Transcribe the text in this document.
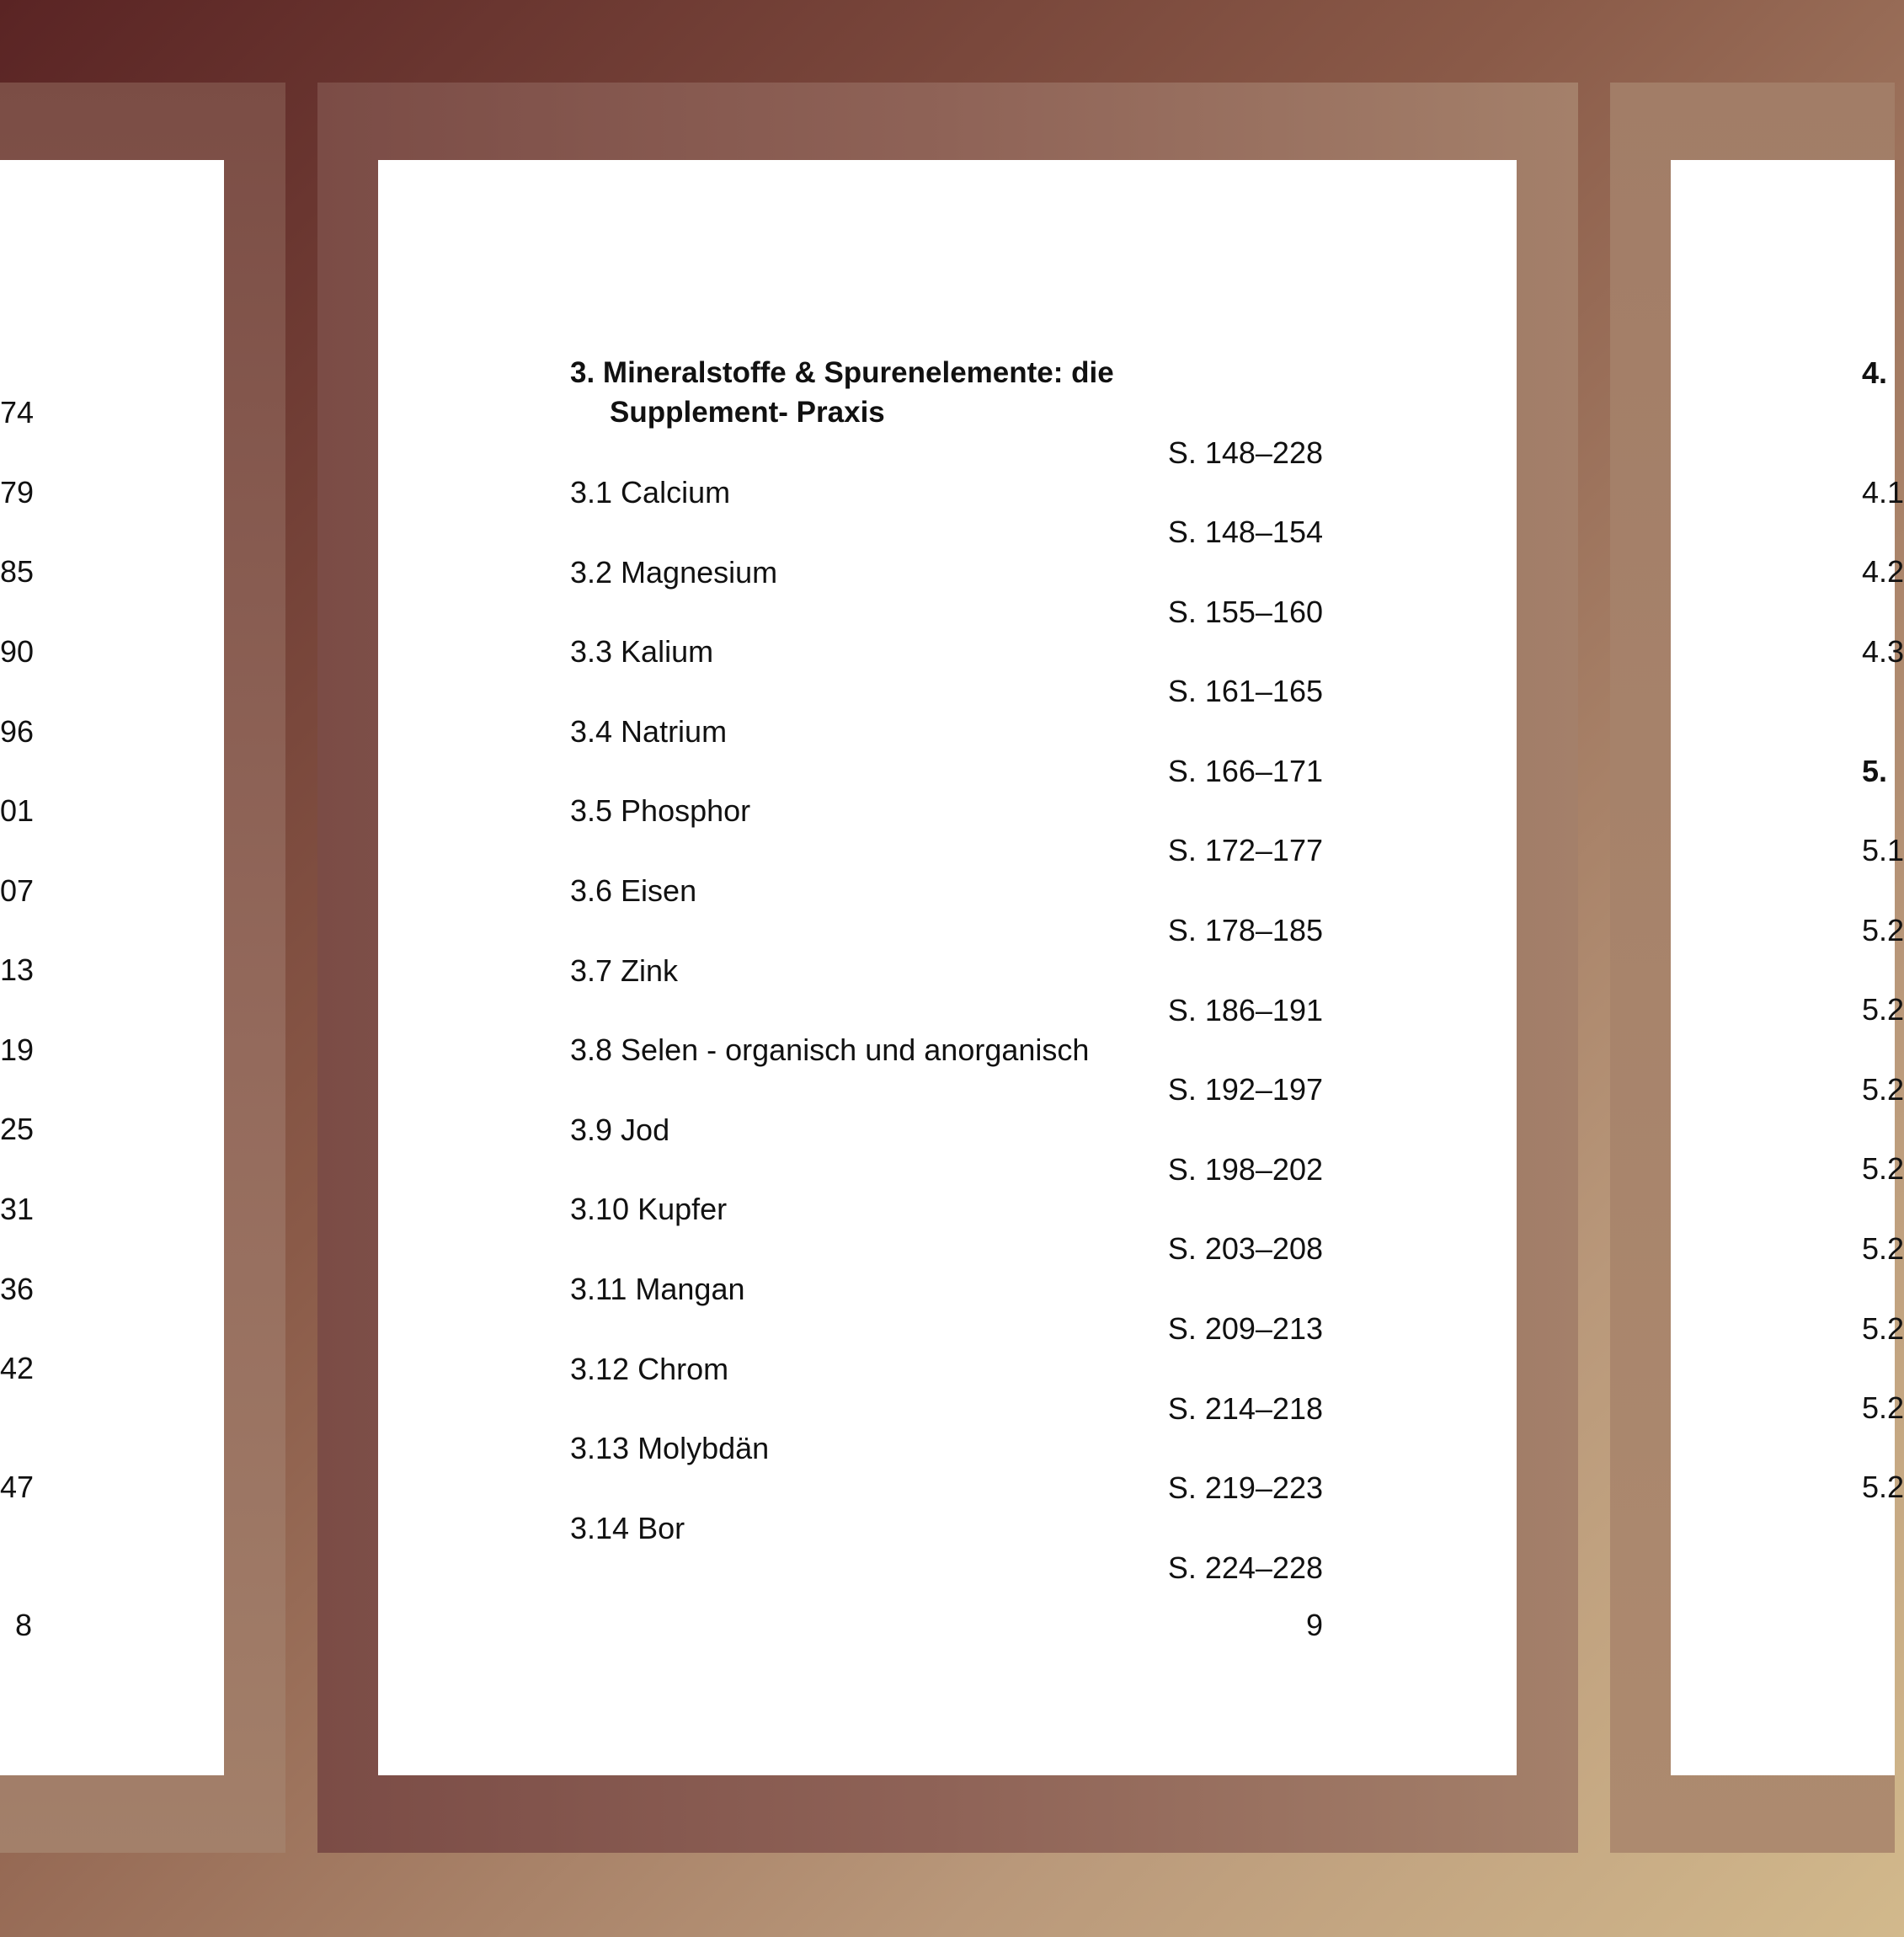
74
79
85
90
96
01
07
13
19
25
31
36
42
47
8
3. Mineralstoffe & Spurenelemente: die
Supplement- Praxis
S. 148–228
3.1 Calcium
S. 148–154
3.2 Magnesium
S. 155–160
3.3 Kalium
S. 161–165
3.4 Natrium
S. 166–171
3.5 Phosphor
S. 172–177
3.6 Eisen
S. 178–185
3.7 Zink
S. 186–191
3.8 Selen - organisch und anorganisch
S. 192–197
3.9 Jod
S. 198–202
3.10 Kupfer
S. 203–208
3.11 Mangan
S. 209–213
3.12 Chrom
S. 214–218
3.13 Molybdän
S. 219–223
3.14 Bor
S. 224–228
9
4.
4.1
4.2
4.3
5.
5.1
5.2
5.2
5.2
5.2
5.2
5.2
5.2
5.2
